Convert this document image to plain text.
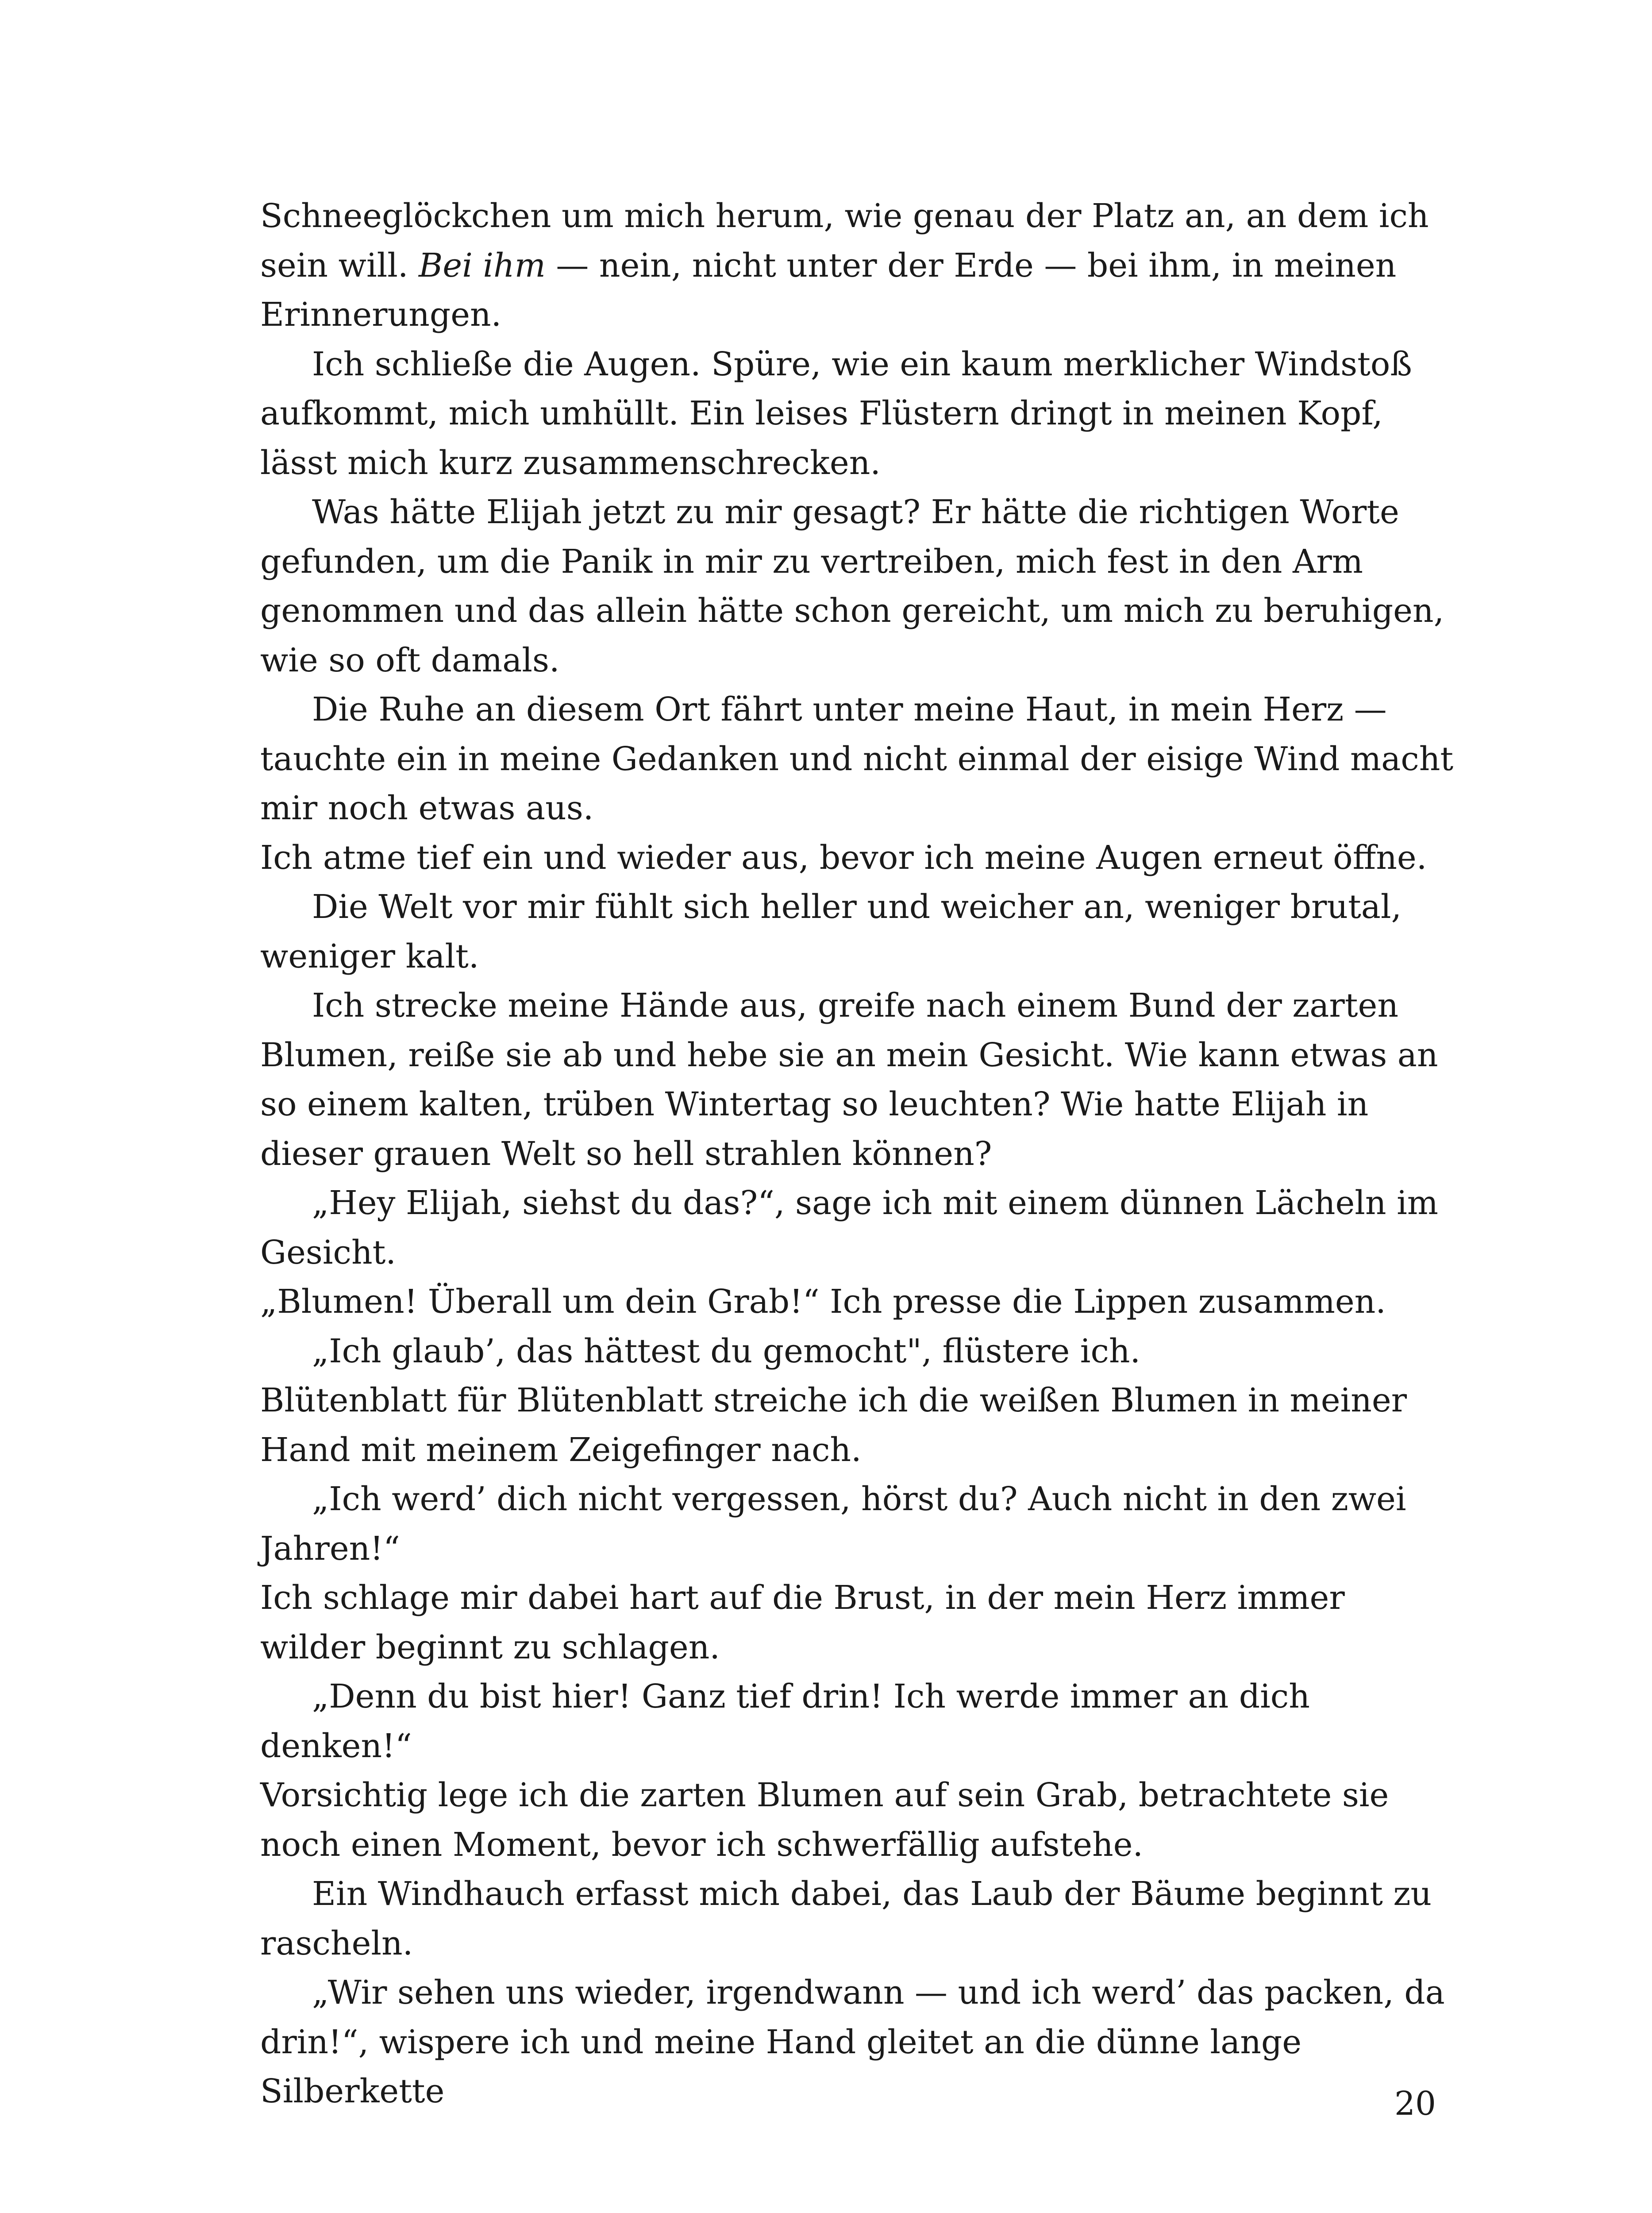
Schneeglöckchen um mich herum, wie genau der Platz an, an dem ich sein will. Bei ihm — nein, nicht unter der Erde — bei ihm, in meinen Erinnerungen.

Ich schließe die Augen. Spüre, wie ein kaum merklicher Windstoß aufkommt, mich umhüllt. Ein leises Flüstern dringt in meinen Kopf, lässt mich kurz zusammenschrecken.

Was hätte Elijah jetzt zu mir gesagt? Er hätte die richtigen Worte gefunden, um die Panik in mir zu vertreiben, mich fest in den Arm genommen und das allein hätte schon gereicht, um mich zu beruhigen, wie so oft damals.

Die Ruhe an diesem Ort fährt unter meine Haut, in mein Herz — tauchte ein in meine Gedanken und nicht einmal der eisige Wind macht mir noch etwas aus.

Ich atme tief ein und wieder aus, bevor ich meine Augen erneut öffne.

Die Welt vor mir fühlt sich heller und weicher an, weniger brutal, weniger kalt.

Ich strecke meine Hände aus, greife nach einem Bund der zarten Blumen, reiße sie ab und hebe sie an mein Gesicht. Wie kann etwas an so einem kalten, trüben Wintertag so leuchten? Wie hatte Elijah in dieser grauen Welt so hell strahlen können?

„Hey Elijah, siehst du das?“, sage ich mit einem dünnen Lächeln im Gesicht.

„Blumen! Überall um dein Grab!“ Ich presse die Lippen zusammen.

„Ich glaub’, das hättest du gemocht", flüstere ich.

Blütenblatt für Blütenblatt streiche ich die weißen Blumen in meiner Hand mit meinem Zeigefinger nach.

„Ich werd’ dich nicht vergessen, hörst du? Auch nicht in den zwei Jahren!“

Ich schlage mir dabei hart auf die Brust, in der mein Herz immer wilder beginnt zu schlagen.

„Denn du bist hier! Ganz tief drin! Ich werde immer an dich denken!“

Vorsichtig lege ich die zarten Blumen auf sein Grab, betrachtete sie noch einen Moment, bevor ich schwerfällig aufstehe.

Ein Windhauch erfasst mich dabei, das Laub der Bäume beginnt zu rascheln.

„Wir sehen uns wieder, irgendwann — und ich werd’ das packen, da drin!“, wispere ich und meine Hand gleitet an die dünne lange Silberkette	20
